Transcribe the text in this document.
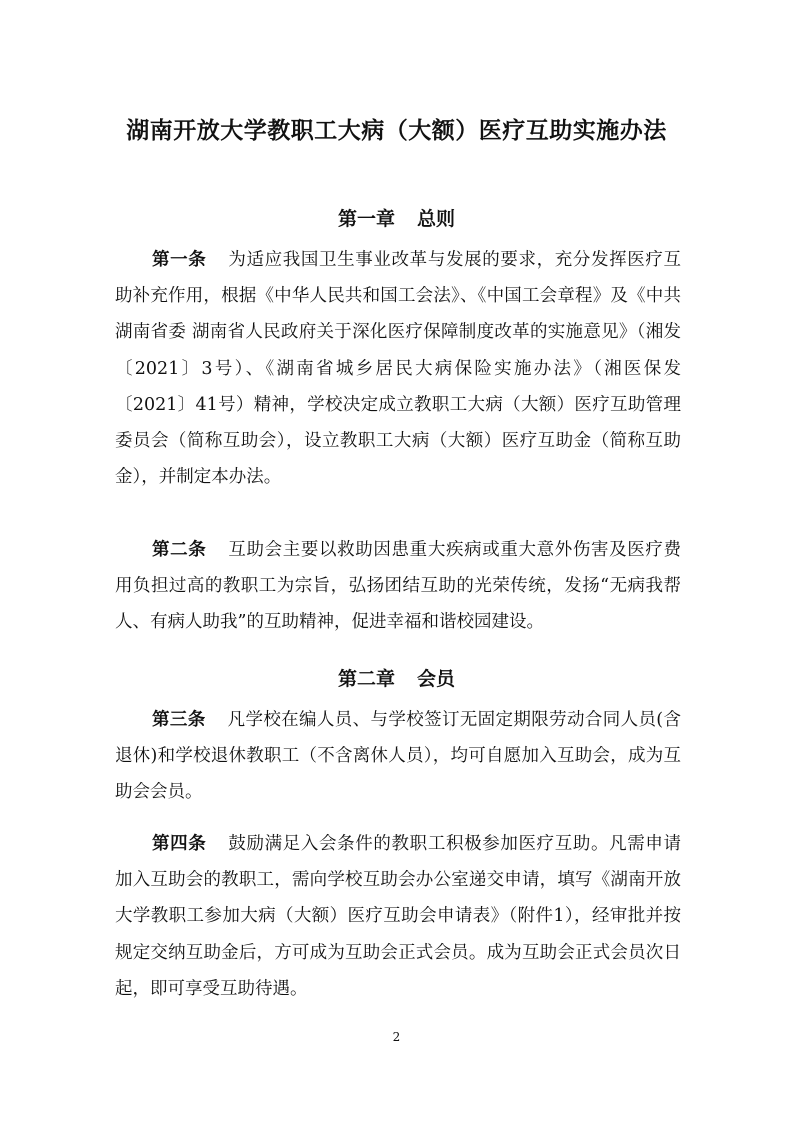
湖南开放大学教职工大病（大额）医疗互助实施办法
第一章 总则

第一条 为适应我国卫生事业改革与发展的要求，充分发挥医疗互助补充作用，根据《中华人民共和国工会法》、《中国工会章程》及《中共湖南省委 湖南省人民政府关于深化医疗保障制度改革的实施意见》（湘发〔2021〕3号）、《湖南省城乡居民大病保险实施办法》（湘医保发〔2021〕41号）精神，学校决定成立教职工大病（大额）医疗互助管理委员会（简称互助会），设立教职工大病（大额）医疗互助金（简称互助金），并制定本办法。

第二条 互助会主要以救助因患重大疾病或重大意外伤害及医疗费用负担过高的教职工为宗旨，弘扬团结互助的光荣传统，发扬“无病我帮人、有病人助我”的互助精神，促进幸福和谐校园建设。

第二章 会员

第三条 凡学校在编人员、与学校签订无固定期限劳动合同人员(含退休)和学校退休教职工（不含离休人员），均可自愿加入互助会，成为互助会会员。

第四条 鼓励满足入会条件的教职工积极参加医疗互助。凡需申请加入互助会的教职工，需向学校互助会办公室递交申请，填写《湖南开放大学教职工参加大病（大额）医疗互助会申请表》（附件1），经审批并按规定交纳互助金后，方可成为互助会正式会员。成为互助会正式会员次日起，即可享受互助待遇。

2
